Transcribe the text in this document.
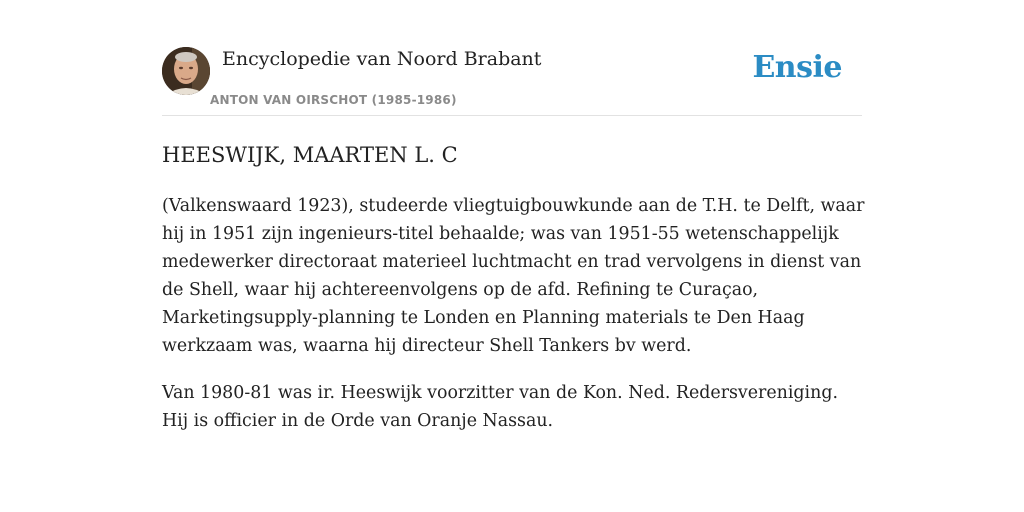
Encyclopedie van Noord Brabant
ANTON VAN OIRSCHOT (1985-1986)
Ensie
HEESWIJK, MAARTEN L. C

(Valkenswaard 1923), studeerde vliegtuigbouwkunde aan de T.H. te Delft, waar hij in 1951 zijn ingenieurs-titel behaalde; was van 1951-55 wetenschappelijk medewerker directoraat materieel luchtmacht en trad vervolgens in dienst van de Shell, waar hij achtereenvolgens op de afd. Refining te Curaçao, Marketingsupply-planning te Londen en Planning materials te Den Haag werkzaam was, waarna hij directeur Shell Tankers bv werd.

Van 1980-81 was ir. Heeswijk voorzitter van de Kon. Ned. Redersvereniging. Hij is officier in de Orde van Oranje Nassau.
